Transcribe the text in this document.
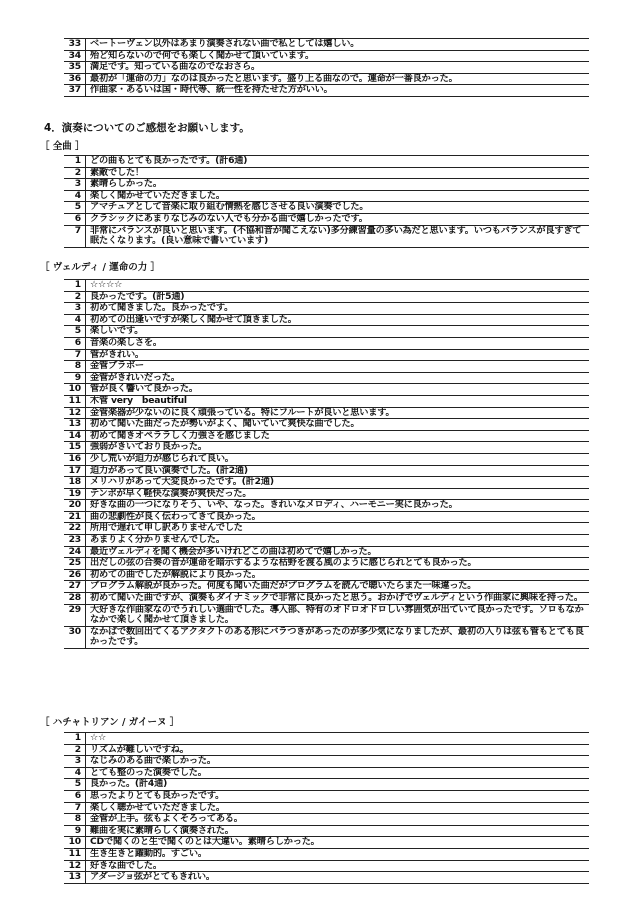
33 ベートーヴェン以外はあまり演奏されない曲で私としては嬉しい。
34 殆ど知らないので何でも楽しく聞かせて頂いています。
35 満足です。知っている曲なのでなおさら。
36 最初が「運命の力」なのは良かったと思います。盛り上る曲なので。運命が一番良かった。
37 作曲家・あるいは国・時代等、統一性を持たせた方がいい。
4．演奏についてのご感想をお願いします。
［ 全曲 ］
1 どの曲もとても良かったです。(計6通)
2 素敵でした！
3 素晴らしかった。
4 楽しく聞かせていただきました。
5 アマチュアとして音楽に取り組む情熱を感じさせる良い演奏でした。
6 クラシックにあまりなじみのない人でも分かる曲で嬉しかったです。
7 非常にバランスが良いと思います。(不協和音が聞こえない)多分練習量の多い為だと思います。いつもバランスが良すぎて眠たくなります。(良い意味で書いています)
［ ヴェルディ / 運命の力 ］
1 ☆☆☆☆
2 良かったです。(計5通)
3 初めて聞きました。良かったです。
4 初めての出逢いですが楽しく聞かせて頂きました。
5 楽しいです。
6 音楽の楽しさを。
7 管がきれい。
8 金管ブラボー
9 金管がきれいだった。
10 管が良く響いて良かった。
11 木管 very　beautiful
12 金管楽器が少ないのに良く頑張っている。特にフルートが良いと思います。
13 初めて聞いた曲だったが勢いがよく、聞いていて爽快な曲でした。
14 初めて聞きオペララしく力強さを感じました
15 強弱がきいており良かった。
16 少し荒いが迫力が感じられて良い。
17 迫力があって良い演奏でした。(計2通)
18 メリハリがあって大変良かったです。(計2通)
19 テンポが早く軽快な演奏が爽快だった。
20 好きな曲の一つになりそう、いや、なった。きれいなメロディ、ハーモニー実に良かった。
21 曲の悲劇性が良く伝わってきて良かった。
22 所用で遅れて申し訳ありませんでした
23 あまりよく分かりませんでした。
24 最近ヴェルディを聞く機会が多いけれどこの曲は初めてで嬉しかった。
25 出だしの弦の合奏の音が運命を暗示するような枯野を渡る風のように感じられとても良かった。
26 初めての曲でしたが解説により良かった。
27 プログラム解説が良かった。何度も聞いた曲だがプログラムを読んで聴いたらまた一味違った。
28 初めて聞いた曲ですが、演奏もダイナミックで非常に良かったと思う。おかげでヴェルディという作曲家に興味を持った。
29 大好きな作曲家なのでうれしい選曲でした。導入部、特有のオドロオドロしい雰囲気が出ていて良かったです。ソロもなかなかで楽しく聞かせて頂きました。
30 なかばで数回出てくるアクタクトのある形にバラつきがあったのが多少気になりましたが、最初の入りは弦も管もとても良かったです。
［ ハチャトリアン / ガイーヌ ］
1 ☆☆
2 リズムが難しいですね。
3 なじみのある曲で楽しかった。
4 とても整のった演奏でした。
5 良かった。(計4通)
6 思ったよりとても良かったです。
7 楽しく聴かせていただきました。
8 金管が上手。弦もよくそろってある。
9 難曲を実に素晴らしく演奏された。
10 CDで聞くのと生で聞くのとは大違い。素晴らしかった。
11 生き生きと躍動的。すごい。
12 好きな曲でした。
13 アダージョ弦がとてもきれい。
